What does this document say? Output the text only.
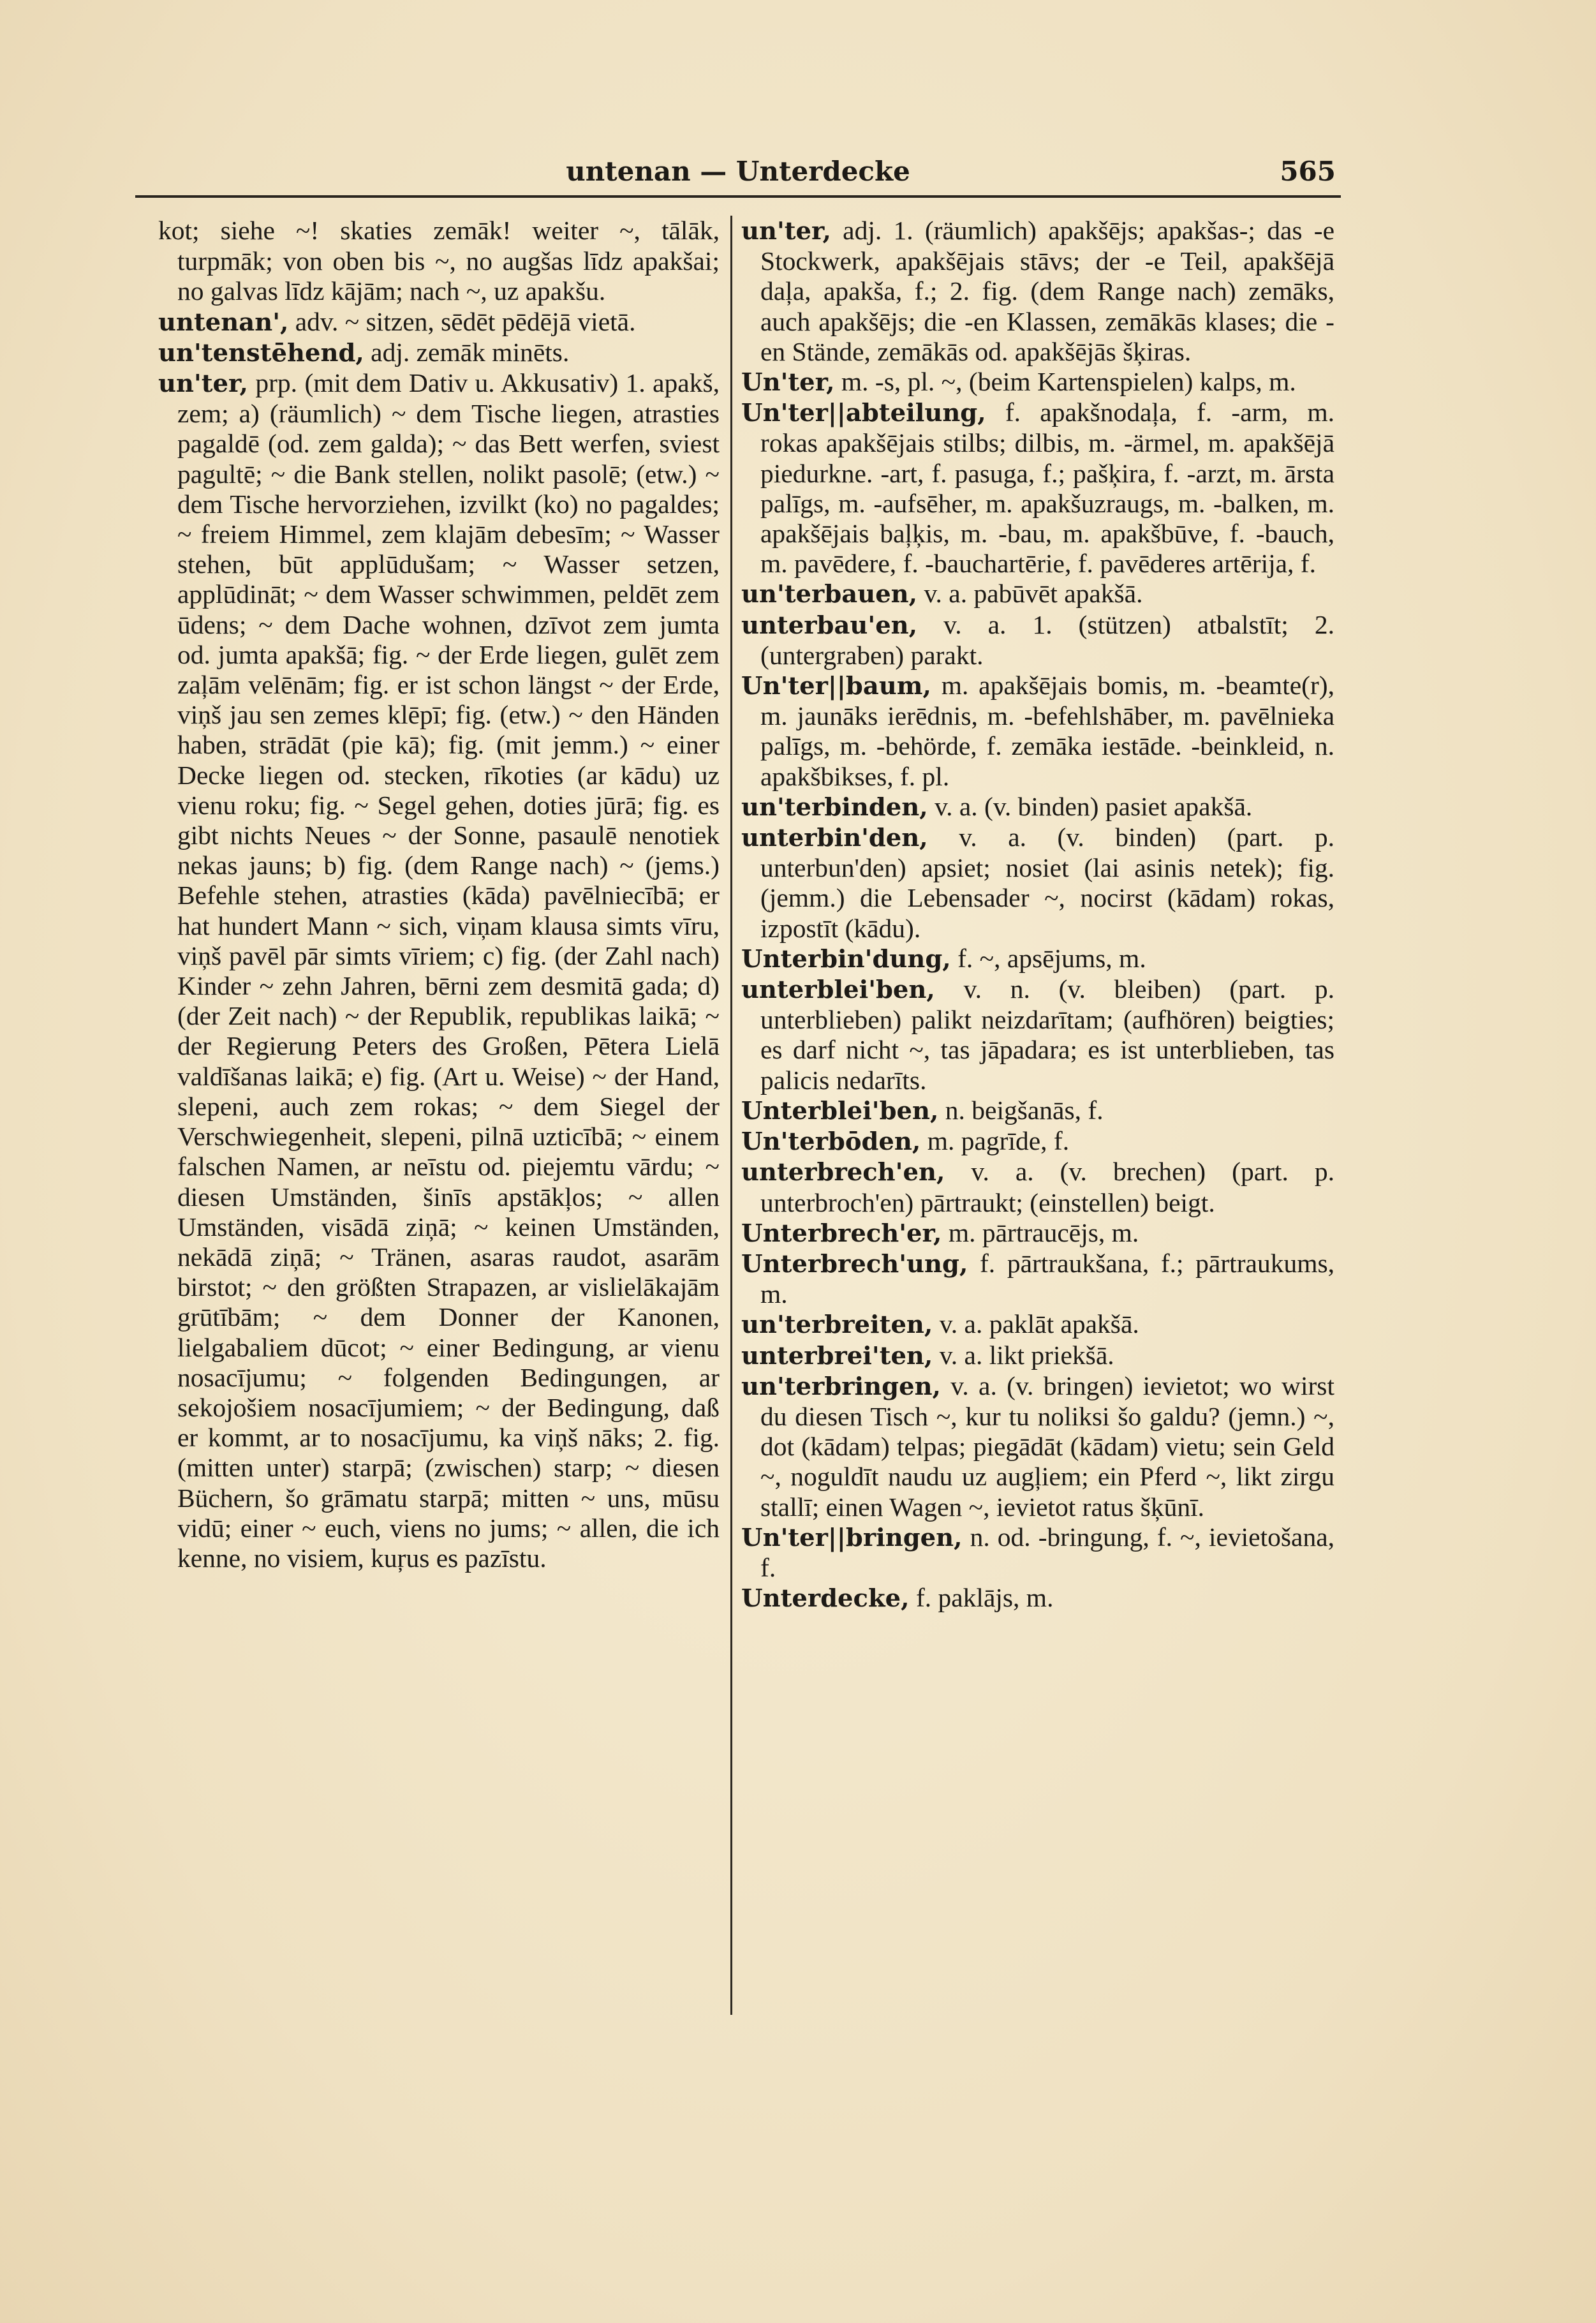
untenan — Unterdecke	565

kot; siehe ~! skaties zemāk! weiter ~, tālāk, turpmāk; von oben bis ~, no augšas līdz apakšai; no galvas līdz kājām; nach ~, uz apakšu.

untenan', adv. ~ sitzen, sēdēt pēdējā vietā.

un'tenstēhend, adj. zemāk minēts.

un'ter, prp. (mit dem Dativ u. Akkusativ) 1. apakš, zem; a) (räumlich) ~ dem Tische liegen, atrasties pagaldē (od. zem galda); ~ das Bett werfen, sviest pagultē; ~ die Bank stellen, nolikt pasolē; (etw.) ~ dem Tische hervorziehen, izvilkt (ko) no pagaldes; ~ freiem Himmel, zem klajām debesīm; ~ Wasser stehen, būt applūdušam; ~ Wasser setzen, applūdināt; ~ dem Wasser schwimmen, peldēt zem ūdens; ~ dem Dache wohnen, dzīvot zem jumta od. jumta apakšā; fig. ~ der Erde liegen, gulēt zem zaļām velēnām; fig. er ist schon längst ~ der Erde, viņš jau sen zemes klēpī; fig. (etw.) ~ den Händen haben, strādāt (pie kā); fig. (mit jemm.) ~ einer Decke liegen od. stecken, rīkoties (ar kādu) uz vienu roku; fig. ~ Segel gehen, doties jūrā; fig. es gibt nichts Neues ~ der Sonne, pasaulē nenotiek nekas jauns; b) fig. (dem Range nach) ~ (jems.) Befehle stehen, atrasties (kāda) pavēlniecībā; er hat hundert Mann ~ sich, viņam klausa simts vīru, viņš pavēl pār simts vīriem; c) fig. (der Zahl nach) Kinder ~ zehn Jahren, bērni zem desmitā gada; d) (der Zeit nach) ~ der Republik, republikas laikā; ~ der Regierung Peters des Großen, Pētera Lielā valdīšanas laikā; e) fig. (Art u. Weise) ~ der Hand, slepeni, auch zem rokas; ~ dem Siegel der Verschwiegenheit, slepeni, pilnā uzticībā; ~ einem falschen Namen, ar neīstu od. piejemtu vārdu; ~ diesen Umständen, šinīs apstākļos; ~ allen Umständen, visādā ziņā; ~ keinen Umständen, nekādā ziņā; ~ Tränen, asaras raudot, asarām birstot; ~ den größten Strapazen, ar vislielākajām grūtībām; ~ dem Donner der Kanonen, lielgabaliem dūcot; ~ einer Bedingung, ar vienu nosacījumu; ~ folgenden Bedingungen, ar sekojošiem nosacījumiem; ~ der Bedingung, daß er kommt, ar to nosacījumu, ka viņš nāks; 2. fig. (mitten unter) starpā; (zwischen) starp; ~ diesen Büchern, šo grāmatu starpā; mitten ~ uns, mūsu vidū; einer ~ euch, viens no jums; ~ allen, die ich kenne, no visiem, kuŗus es pazīstu.

un'ter, adj. 1. (räumlich) apakšējs; apakšas-; das -e Stockwerk, apakšējais stāvs; der -e Teil, apakšējā daļa, apakša, f.; 2. fig. (dem Range nach) zemāks, auch apakšējs; die -en Klassen, zemākās klases; die -en Stände, zemākās od. apakšējās šķiras.

Un'ter, m. -s, pl. ~, (beim Kartenspielen) kalps, m.

Un'ter||abteilung, f. apakšnodaļa, f. -arm, m. rokas apakšējais stilbs; dilbis, m. -ärmel, m. apakšējā piedurkne. -art, f. pasuga, f.; pašķira, f. -arzt, m. ārsta palīgs, m. -aufsēher, m. apakšuzraugs, m. -balken, m. apakšējais baļķis, m. -bau, m. apakšbūve, f. -bauch, m. pavēdere, f. -bauchartērie, f. pavēderes artērija, f.

un'terbauen, v. a. pabūvēt apakšā.

unterbau'en, v. a. 1. (stützen) atbalstīt; 2. (untergraben) parakt.

Un'ter||baum, m. apakšējais bomis, m. -beamte(r), m. jaunāks ierēdnis, m. -befehlshāber, m. pavēlnieka palīgs, m. -behörde, f. zemāka iestāde. -beinkleid, n. apakšbikses, f. pl.

un'terbinden, v. a. (v. binden) pasiet apakšā.

unterbin'den, v. a. (v. binden) (part. p. unterbun'den) apsiet; nosiet (lai asinis netek); fig. (jemm.) die Lebensader ~, nocirst (kādam) rokas, izpostīt (kādu).

Unterbin'dung, f. ~, apsējums, m.

unterblei'ben, v. n. (v. bleiben) (part. p. unterblieben) palikt neizdarītam; (aufhören) beigties; es darf nicht ~, tas jāpadara; es ist unterblieben, tas palicis nedarīts.

Unterblei'ben, n. beigšanās, f.

Un'terbōden, m. pagrīde, f.

unterbrech'en, v. a. (v. brechen) (part. p. unterbroch'en) pārtraukt; (einstellen) beigt.

Unterbrech'er, m. pārtraucējs, m.

Unterbrech'ung, f. pārtraukšana, f.; pārtraukums, m.

un'terbreiten, v. a. paklāt apakšā.

unterbrei'ten, v. a. likt priekšā.

un'terbringen, v. a. (v. bringen) ievietot; wo wirst du diesen Tisch ~, kur tu noliksi šo galdu? (jemn.) ~, dot (kādam) telpas; piegādāt (kādam) vietu; sein Geld ~, noguldīt naudu uz augļiem; ein Pferd ~, likt zirgu stallī; einen Wagen ~, ievietot ratus šķūnī.

Un'ter||bringen, n. od. -bringung, f. ~, ievietošana, f.

Unterdecke, f. paklājs, m.
